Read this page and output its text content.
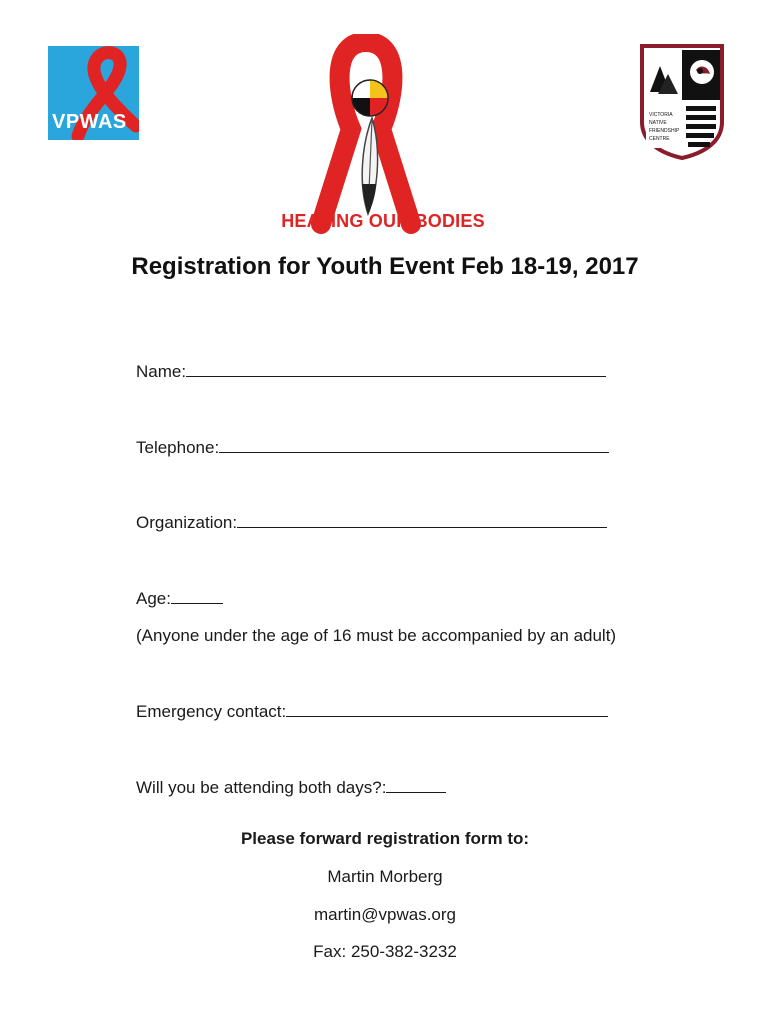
VPWAS
HEALING OUR BODIES
VICTORIA
NATIVE
FRIENDSHIP
CENTRE
Registration for Youth Event Feb 18-19, 2017
Name:
Telephone:
Organization:
Age:
(Anyone under the age of 16 must be accompanied by an adult)
Emergency contact:
Will you be attending both days?:
Please forward registration form to:
Martin Morberg
martin@vpwas.org
Fax: 250-382-3232
